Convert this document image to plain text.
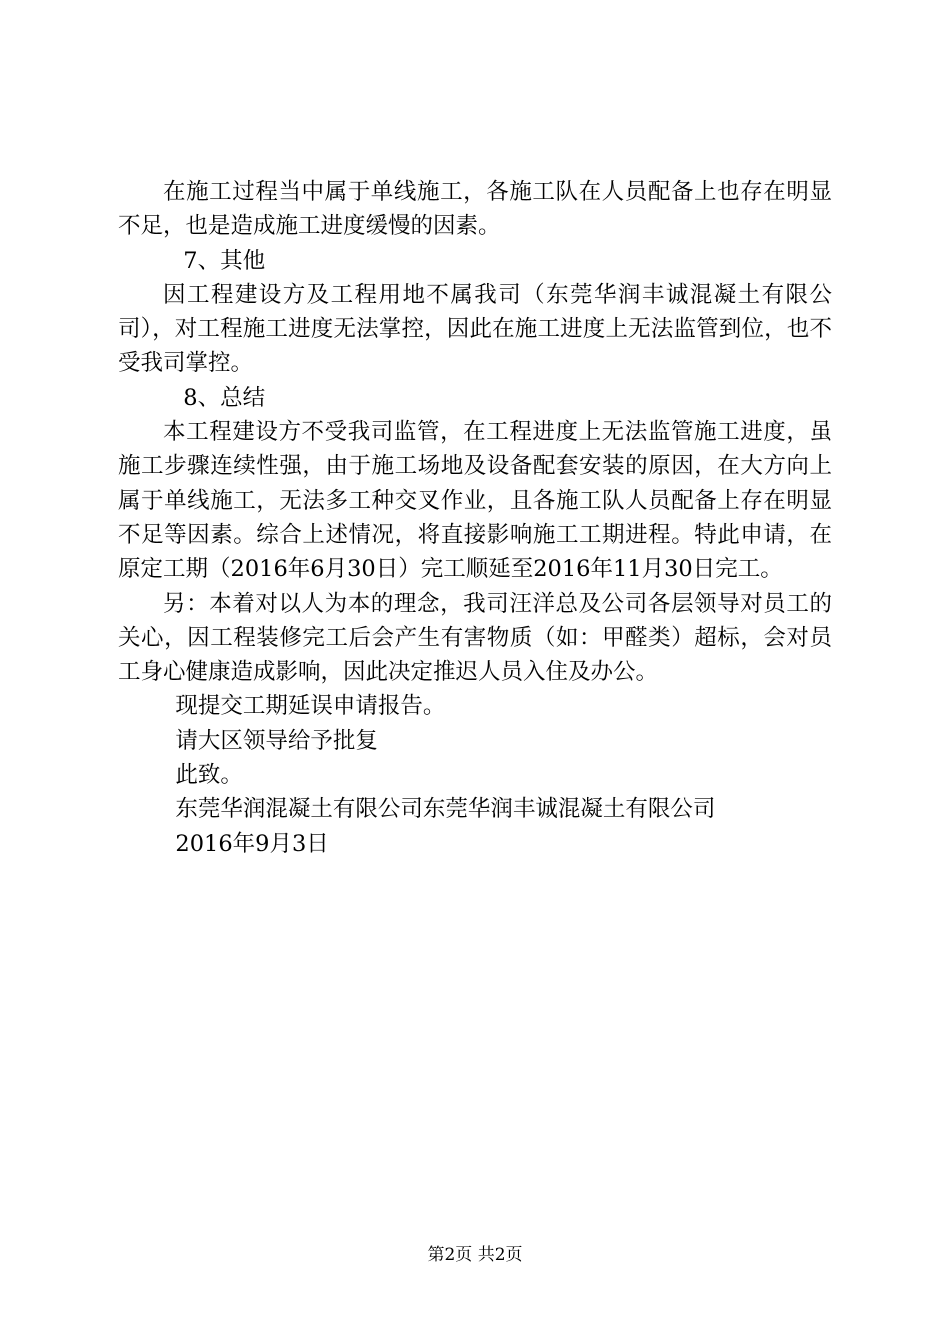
在施工过程当中属于单线施工，各施工队在人员配备上也存在明显不足，也是造成施工进度缓慢的因素。

7、其他

因工程建设方及工程用地不属我司（东莞华润丰诚混凝土有限公司），对工程施工进度无法掌控，因此在施工进度上无法监管到位，也不受我司掌控。

8、总结

本工程建设方不受我司监管，在工程进度上无法监管施工进度，虽施工步骤连续性强，由于施工场地及设备配套安装的原因，在大方向上属于单线施工，无法多工种交叉作业，且各施工队人员配备上存在明显不足等因素。综合上述情况，将直接影响施工工期进程。特此申请，在原定工期（2016年6月30日）完工顺延至2016年11月30日完工。

另：本着对以人为本的理念，我司汪洋总及公司各层领导对员工的关心，因工程装修完工后会产生有害物质（如：甲醛类）超标，会对员工身心健康造成影响，因此决定推迟人员入住及办公。

现提交工期延误申请报告。

请大区领导给予批复

此致。

东莞华润混凝土有限公司东莞华润丰诚混凝土有限公司

2016年9月3日

第2页 共2页
